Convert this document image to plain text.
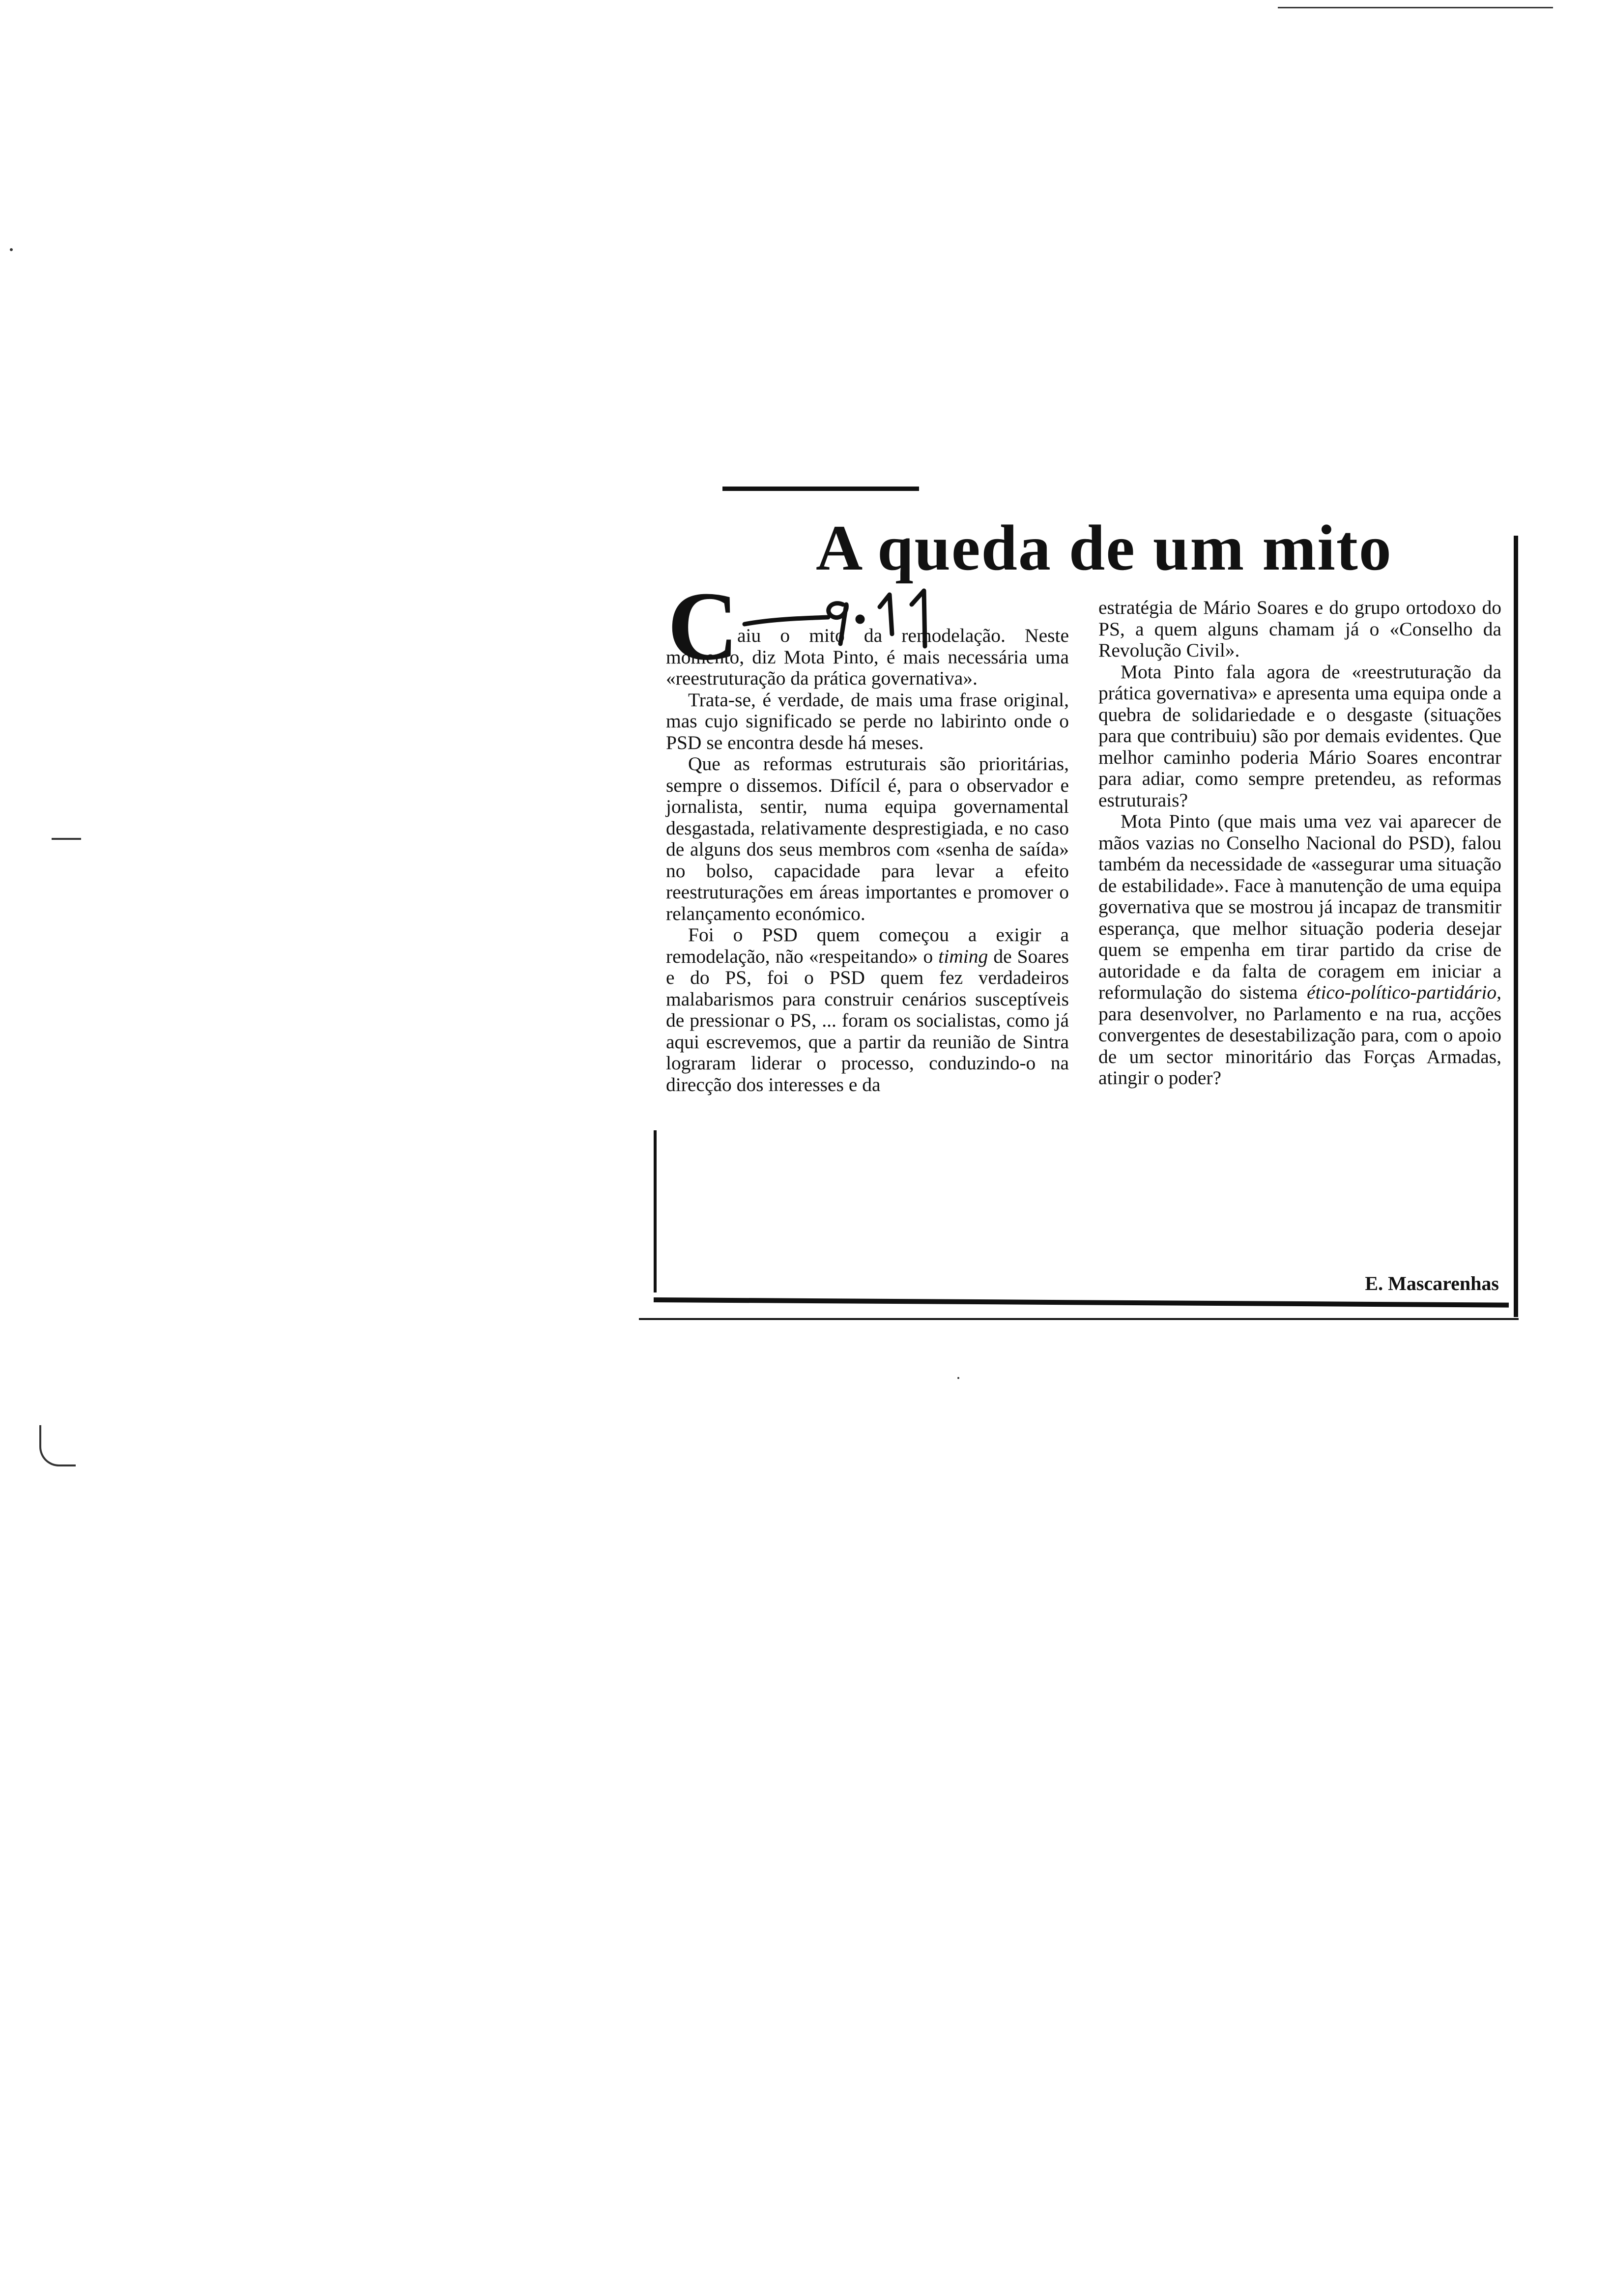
A queda de um mito
C

aiu o mito da remodelação. Neste momento, diz Mota Pinto, é mais necessária uma «reestruturação da prática governativa».

Trata-se, é verdade, de mais uma frase original, mas cujo significado se perde no labirinto onde o PSD se encontra desde há meses.

Que as reformas estruturais são prioritárias, sempre o dissemos. Difícil é, para o observador e jornalista, sentir, numa equipa governamental desgastada, relativamente desprestigiada, e no caso de alguns dos seus membros com «senha de saída» no bolso, capacidade para levar a efeito reestruturações em áreas importantes e promover o relançamento económico.

Foi o PSD quem começou a exigir a remodelação, não «respeitando» o timing de Soares e do PS, foi o PSD quem fez verdadeiros malabarismos para construir cenários susceptíveis de pressionar o PS, ... foram os socialistas, como já aqui escrevemos, que a partir da reunião de Sintra lograram liderar o processo, conduzindo-o na direcção dos interesses e da

estratégia de Mário Soares e do grupo ortodoxo do PS, a quem alguns chamam já o «Conselho da Revolução Civil».

Mota Pinto fala agora de «reestruturação da prática governativa» e apresenta uma equipa onde a quebra de solidariedade e o desgaste (situações para que contribuiu) são por demais evidentes. Que melhor caminho poderia Mário Soares encontrar para adiar, como sempre pretendeu, as reformas estruturais?

Mota Pinto (que mais uma vez vai aparecer de mãos vazias no Conselho Nacional do PSD), falou também da necessidade de «assegurar uma situação de estabilidade». Face à manutenção de uma equipa governativa que se mostrou já incapaz de transmitir esperança, que melhor situação poderia desejar quem se empenha em tirar partido da crise de autoridade e da falta de coragem em iniciar a reformulação do sistema ético-político-partidário, para desenvolver, no Parlamento e na rua, acções convergentes de desestabilização para, com o apoio de um sector minoritário das Forças Armadas, atingir o poder?

E. Mascarenhas
